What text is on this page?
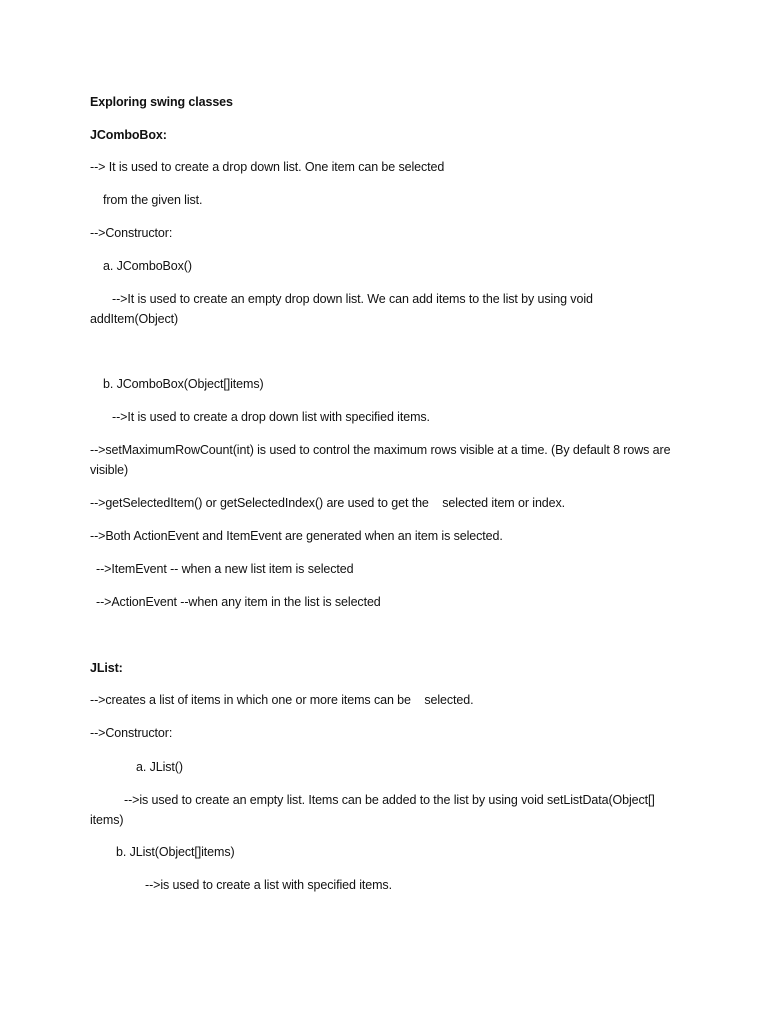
Exploring swing classes
JComboBox:
--> It is used to create a drop down list. One item can be selected
from the given list.
-->Constructor:
a. JComboBox()
-->It is used to create an empty drop down list. We can add items to the list by using void addItem(Object)
b. JComboBox(Object[]items)
-->It is used to create a drop down list with specified items.
-->setMaximumRowCount(int) is used to control the maximum rows visible at a time. (By default 8 rows are visible)
-->getSelectedItem() or getSelectedIndex() are used to get the    selected item or index.
-->Both ActionEvent and ItemEvent are generated when an item is selected.
-->ItemEvent -- when a new list item is selected
-->ActionEvent --when any item in the list is selected
JList:
-->creates a list of items in which one or more items can be    selected.
-->Constructor:
a. JList()
-->is used to create an empty list. Items can be added to the list by using void setListData(Object[] items)
b. JList(Object[]items)
-->is used to create a list with specified items.
